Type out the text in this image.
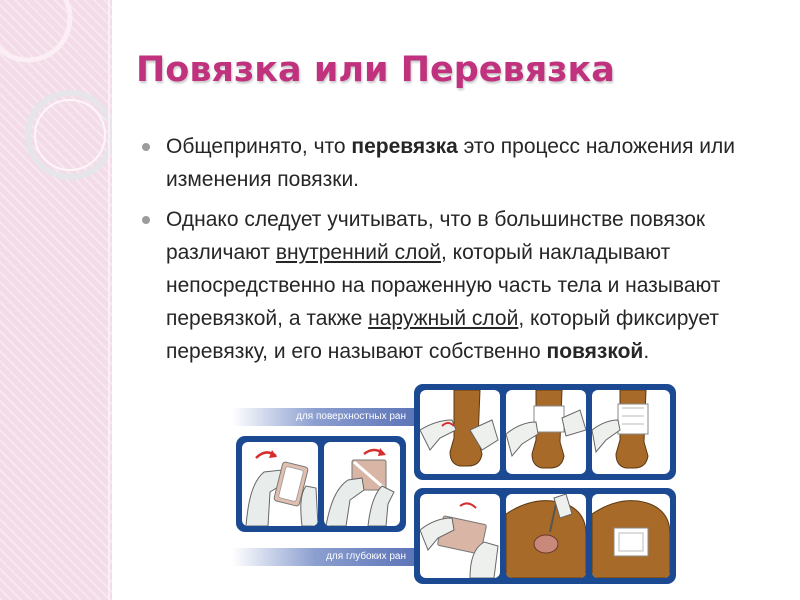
Повязка или Перевязка
Общепринято, что перевязка это процесс наложения или изменения повязки.
Однако следует учитывать, что в большинстве повязок различают внутренний слой, который накладывают непосредственно на пораженную часть тела и называют перевязкой, а также наружный слой, который фиксирует перевязку, и его называют собственно повязкой.
для поверхностных ран
для глубоких ран
